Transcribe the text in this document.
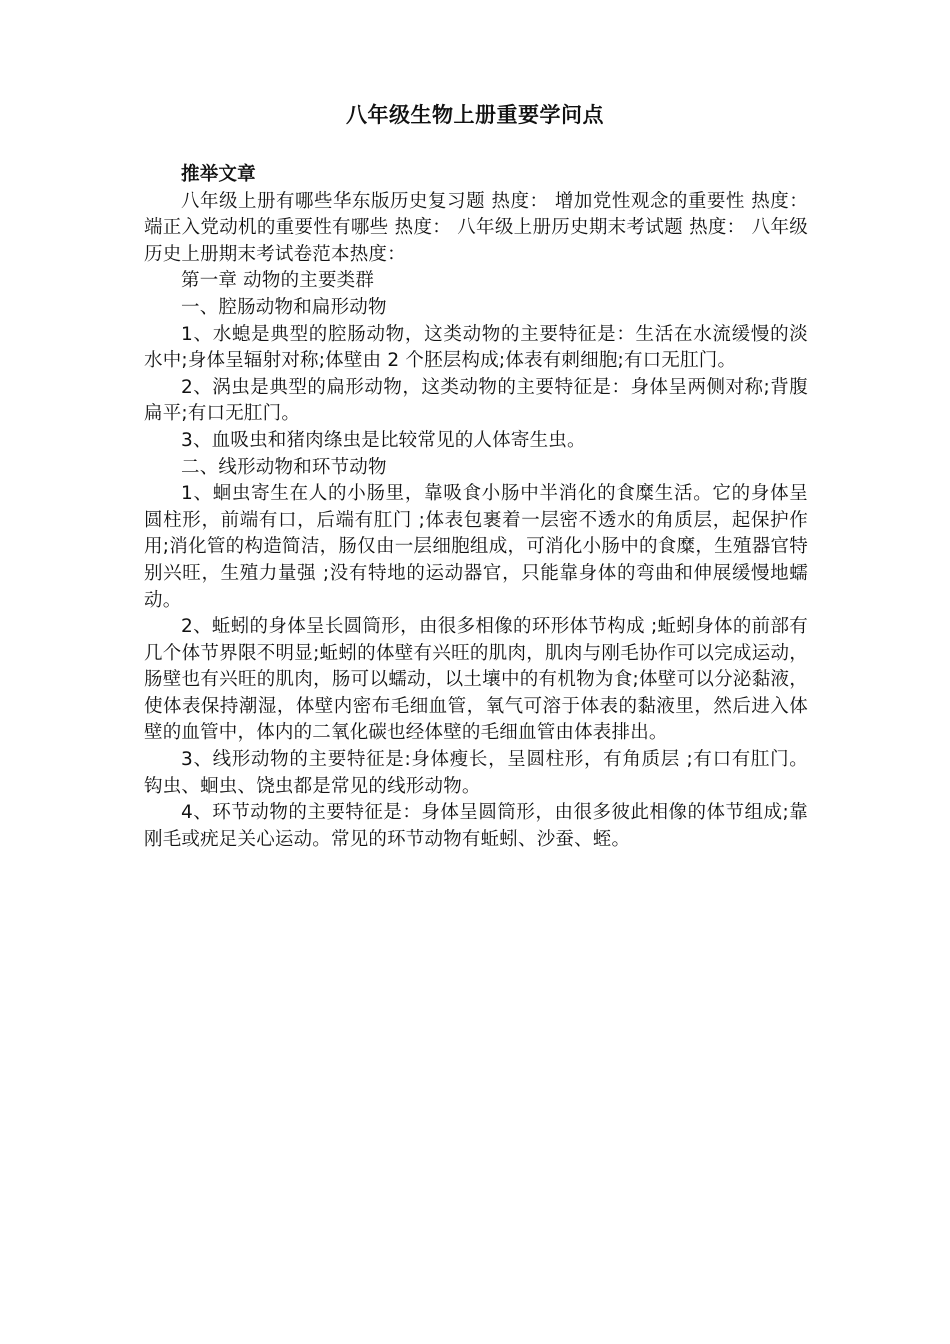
八年级生物上册重要学问点

推举文章

八年级上册有哪些华东版历史复习题 热度： 增加党性观念的重要性 热度： 端正入党动机的重要性有哪些 热度： 八年级上册历史期末考试题 热度： 八年级历史上册期末考试卷范本热度：

第一章 动物的主要类群

一、腔肠动物和扁形动物

1、水螅是典型的腔肠动物，这类动物的主要特征是：生活在水流缓慢的淡水中;身体呈辐射对称;体壁由 2 个胚层构成;体表有刺细胞;有口无肛门。

2、涡虫是典型的扁形动物，这类动物的主要特征是：身体呈两侧对称;背腹扁平;有口无肛门。

3、血吸虫和猪肉绦虫是比较常见的人体寄生虫。

二、线形动物和环节动物

1、蛔虫寄生在人的小肠里，靠吸食小肠中半消化的食糜生活。它的身体呈圆柱形，前端有口，后端有肛门 ;体表包裹着一层密不透水的角质层，起保护作用;消化管的构造简洁，肠仅由一层细胞组成，可消化小肠中的食糜，生殖器官特别兴旺，生殖力量强 ;没有特地的运动器官，只能靠身体的弯曲和伸展缓慢地蠕动。

2、蚯蚓的身体呈长圆筒形，由很多相像的环形体节构成 ;蚯蚓身体的前部有几个体节界限不明显;蚯蚓的体壁有兴旺的肌肉，肌肉与刚毛协作可以完成运动，肠壁也有兴旺的肌肉，肠可以蠕动，以土壤中的有机物为食;体壁可以分泌黏液，使体表保持潮湿，体壁内密布毛细血管，氧气可溶于体表的黏液里，然后进入体壁的血管中，体内的二氧化碳也经体壁的毛细血管由体表排出。

3、线形动物的主要特征是:身体瘦长，呈圆柱形，有角质层 ;有口有肛门。钩虫、蛔虫、饶虫都是常见的线形动物。

4、环节动物的主要特征是：身体呈圆筒形，由很多彼此相像的体节组成;靠刚毛或疣足关心运动。常见的环节动物有蚯蚓、沙蚕、蛭。
